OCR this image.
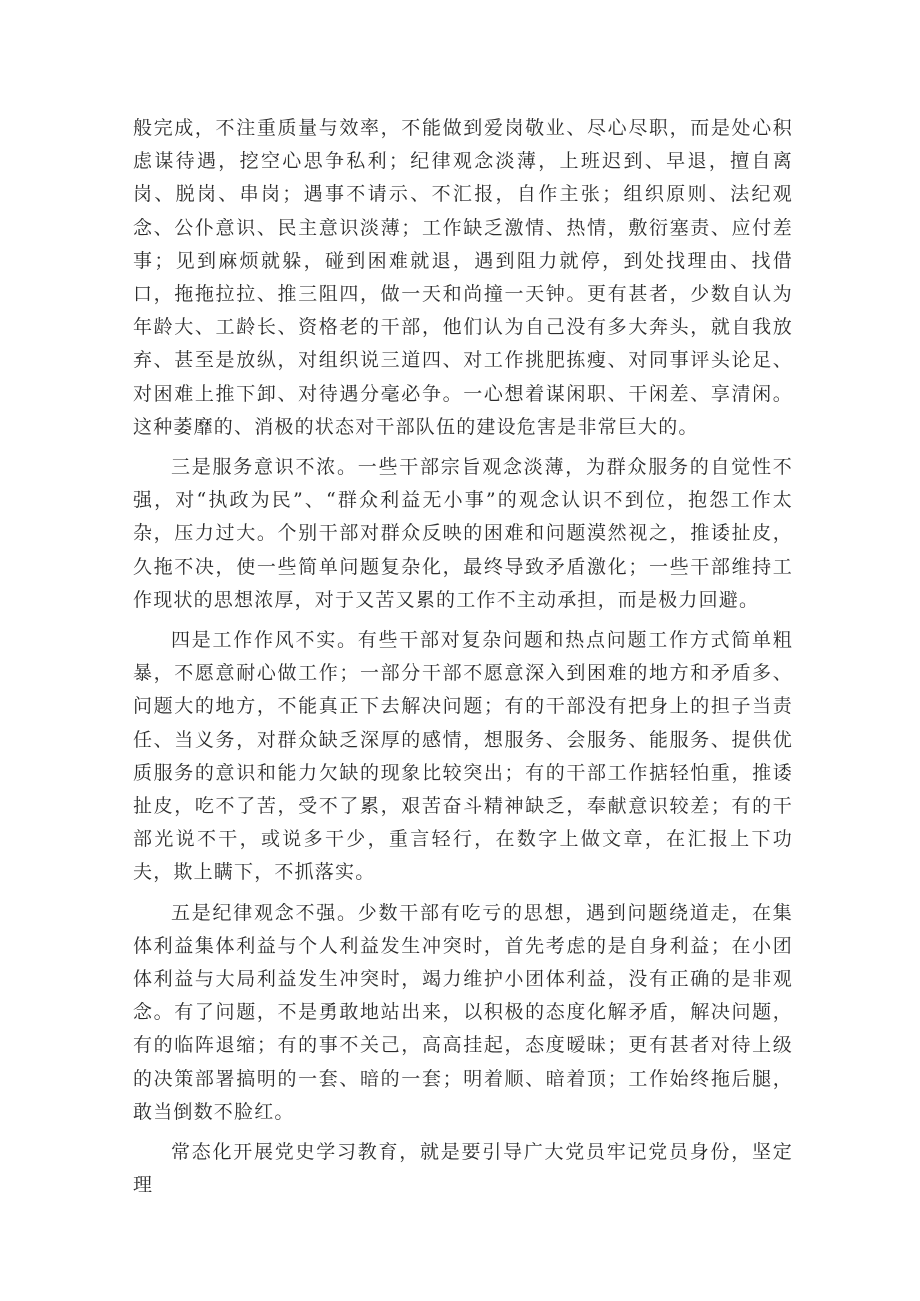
般完成，不注重质量与效率，不能做到爱岗敬业、尽心尽职，而是处心积虑谋待遇，挖空心思争私利；纪律观念淡薄，上班迟到、早退，擅自离岗、脱岗、串岗；遇事不请示、不汇报，自作主张；组织原则、法纪观念、公仆意识、民主意识淡薄；工作缺乏激情、热情，敷衍塞责、应付差事；见到麻烦就躲，碰到困难就退，遇到阻力就停，到处找理由、找借口，拖拖拉拉、推三阻四，做一天和尚撞一天钟。更有甚者，少数自认为年龄大、工龄长、资格老的干部，他们认为自己没有多大奔头，就自我放弃、甚至是放纵，对组织说三道四、对工作挑肥拣瘦、对同事评头论足、对困难上推下卸、对待遇分毫必争。一心想着谋闲职、干闲差、享清闲。这种萎靡的、消极的状态对干部队伍的建设危害是非常巨大的。

三是服务意识不浓。一些干部宗旨观念淡薄，为群众服务的自觉性不强，对“执政为民”、“群众利益无小事”的观念认识不到位，抱怨工作太杂，压力过大。个别干部对群众反映的困难和问题漠然视之，推诿扯皮，久拖不决，使一些简单问题复杂化，最终导致矛盾激化；一些干部维持工作现状的思想浓厚，对于又苦又累的工作不主动承担，而是极力回避。

四是工作作风不实。有些干部对复杂问题和热点问题工作方式简单粗暴，不愿意耐心做工作；一部分干部不愿意深入到困难的地方和矛盾多、问题大的地方，不能真正下去解决问题；有的干部没有把身上的担子当责任、当义务，对群众缺乏深厚的感情，想服务、会服务、能服务、提供优质服务的意识和能力欠缺的现象比较突出；有的干部工作掂轻怕重，推诿扯皮，吃不了苦，受不了累，艰苦奋斗精神缺乏，奉献意识较差；有的干部光说不干，或说多干少，重言轻行，在数字上做文章，在汇报上下功夫，欺上瞒下，不抓落实。

五是纪律观念不强。少数干部有吃亏的思想，遇到问题绕道走，在集体利益集体利益与个人利益发生冲突时，首先考虑的是自身利益；在小团体利益与大局利益发生冲突时，竭力维护小团体利益，没有正确的是非观念。有了问题，不是勇敢地站出来，以积极的态度化解矛盾，解决问题，有的临阵退缩；有的事不关己，高高挂起，态度暧昧；更有甚者对待上级的决策部署搞明的一套、暗的一套；明着顺、暗着顶；工作始终拖后腿，敢当倒数不脸红。

常态化开展党史学习教育，就是要引导广大党员牢记党员身份，坚定理
